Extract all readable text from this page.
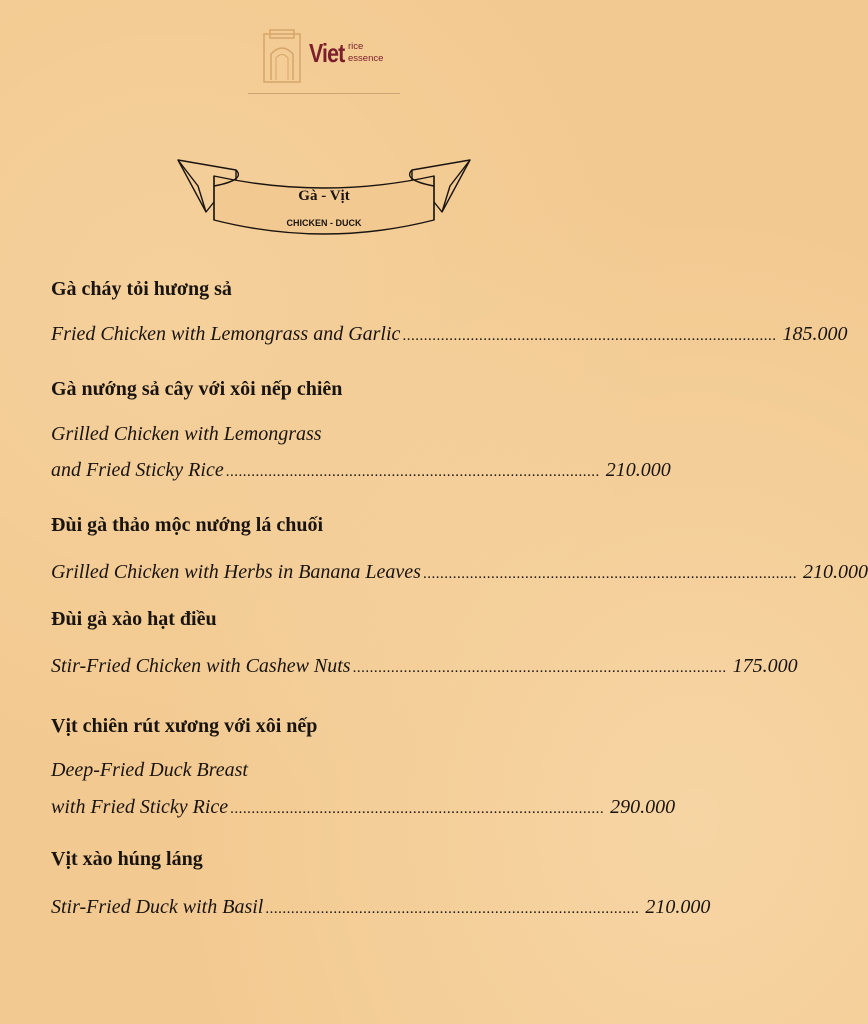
Viet rice
essence
Gà - Vịt
CHICKEN - DUCK
Gà cháy tỏi hương sả
Fried Chicken with Lemongrass and Garlic ........................................................................................ 185.000
Gà nướng sả cây với xôi nếp chiên
Grilled Chicken with Lemongrass
and Fried Sticky Rice ........................................................................................ 210.000
Đùi gà thảo mộc nướng lá chuối
Grilled Chicken with Herbs in Banana Leaves ........................................................................................ 210.000
Đùi gà xào hạt điều
Stir-Fried Chicken with Cashew Nuts ........................................................................................ 175.000
Vịt chiên rút xương với xôi nếp
Deep-Fried Duck Breast
with Fried Sticky Rice ........................................................................................ 290.000
Vịt xào húng láng
Stir-Fried Duck with Basil ........................................................................................ 210.000
